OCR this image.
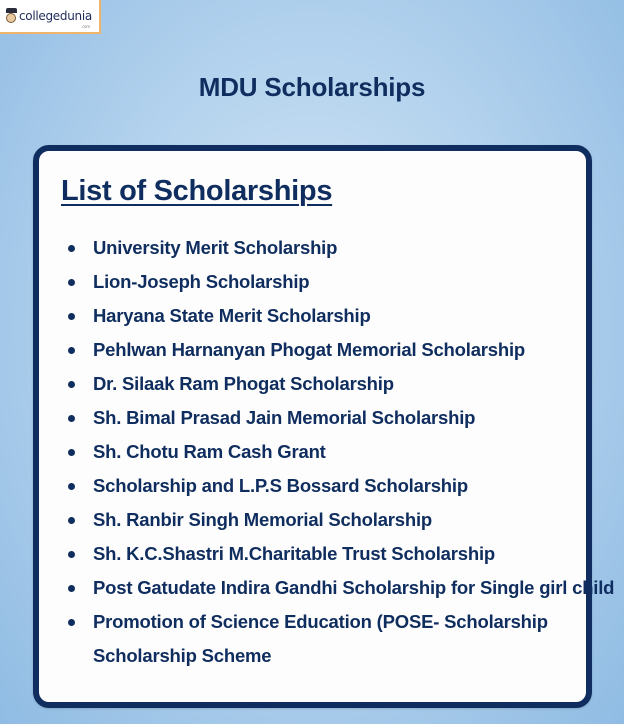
collegedunia
.com
MDU Scholarships
List of Scholarships
University Merit Scholarship
Lion-Joseph Scholarship
Haryana State Merit Scholarship
Pehlwan Harnanyan Phogat Memorial Scholarship
Dr. Silaak Ram Phogat Scholarship
Sh. Bimal Prasad Jain Memorial Scholarship
Sh. Chotu Ram Cash Grant
Scholarship and L.P.S Bossard Scholarship
Sh. Ranbir Singh Memorial Scholarship
Sh. K.C.Shastri M.Charitable Trust Scholarship
Post Gatudate Indira Gandhi Scholarship for Single girl child
Promotion of Science Education (POSE- Scholarship
Scholarship Scheme
